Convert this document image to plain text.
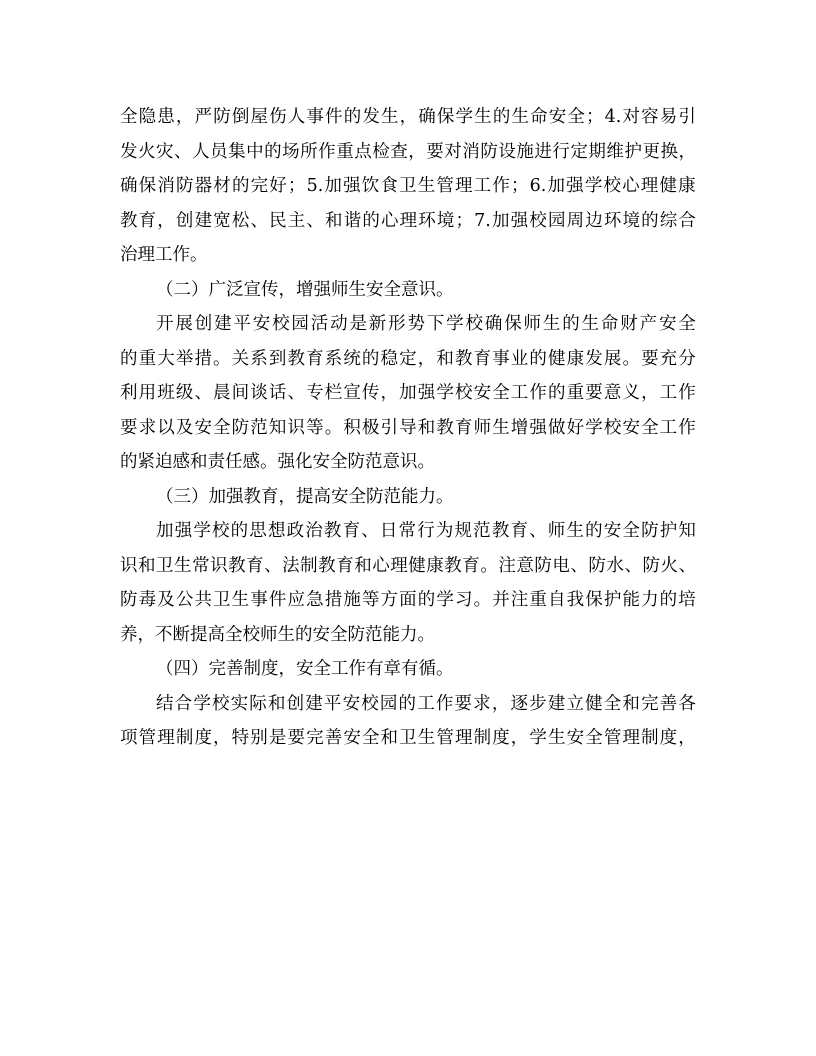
全 隐 患 ， 严 防 倒 屋 伤 人 事 件 的 发 生 ， 确 保 学 生 的 生 命 安 全 ； 4. 对 容 易 引
发 火 灾 、 人 员 集 中 的 场 所 作 重 点 检 查 ， 要 对 消 防 设 施 进 行 定 期 维 护 更 换 ，
确 保 消 防 器 材 的 完 好 ； 5. 加 强 饮 食 卫 生 管 理 工 作 ； 6. 加 强 学 校 心 理 健 康
教 育 ， 创 建 宽 松 、 民 主 、 和 谐 的 心 理 环 境 ； 7. 加 强 校 园 周 边 环 境 的 综 合
治理工作。
（二）广泛宣传，增强师生安全意识。
开 展 创 建 平 安 校 园 活 动 是 新 形 势 下 学 校 确 保 师 生 的 生 命 财 产 安 全
的 重 大 举 措 。 关 系 到 教 育 系 统 的 稳 定 ， 和 教 育 事 业 的 健 康 发 展 。 要 充 分
利 用 班 级 、 晨 间 谈 话 、 专 栏 宣 传 ， 加 强 学 校 安 全 工 作 的 重 要 意 义 ， 工 作
要 求 以 及 安 全 防 范 知 识 等 。 积 极 引 导 和 教 育 师 生 增 强 做 好 学 校 安 全 工 作
的紧迫感和责任感。强化安全防范意识。
（三）加强教育，提高安全防范能力。
加 强 学 校 的 思 想 政 治 教 育 、 日 常 行 为 规 范 教 育 、 师 生 的 安 全 防 护 知
识 和 卫 生 常 识 教 育 、 法 制 教 育 和 心 理 健 康 教 育 。 注 意 防 电 、 防 水 、 防 火 、
防 毒 及 公 共 卫 生 事 件 应 急 措 施 等 方 面 的 学 习 。 并 注 重 自 我 保 护 能 力 的 培
养，不断提高全校师生的安全防范能力。
（四）完善制度，安全工作有章有循。
结 合 学 校 实 际 和 创 建 平 安 校 园 的 工 作 要 求 ， 逐 步 建 立 健 全 和 完 善 各
项 管 理 制 度 ， 特 别 是 要 完 善 安 全 和 卫 生 管 理 制 度 ， 学 生 安 全 管 理 制 度 ，
